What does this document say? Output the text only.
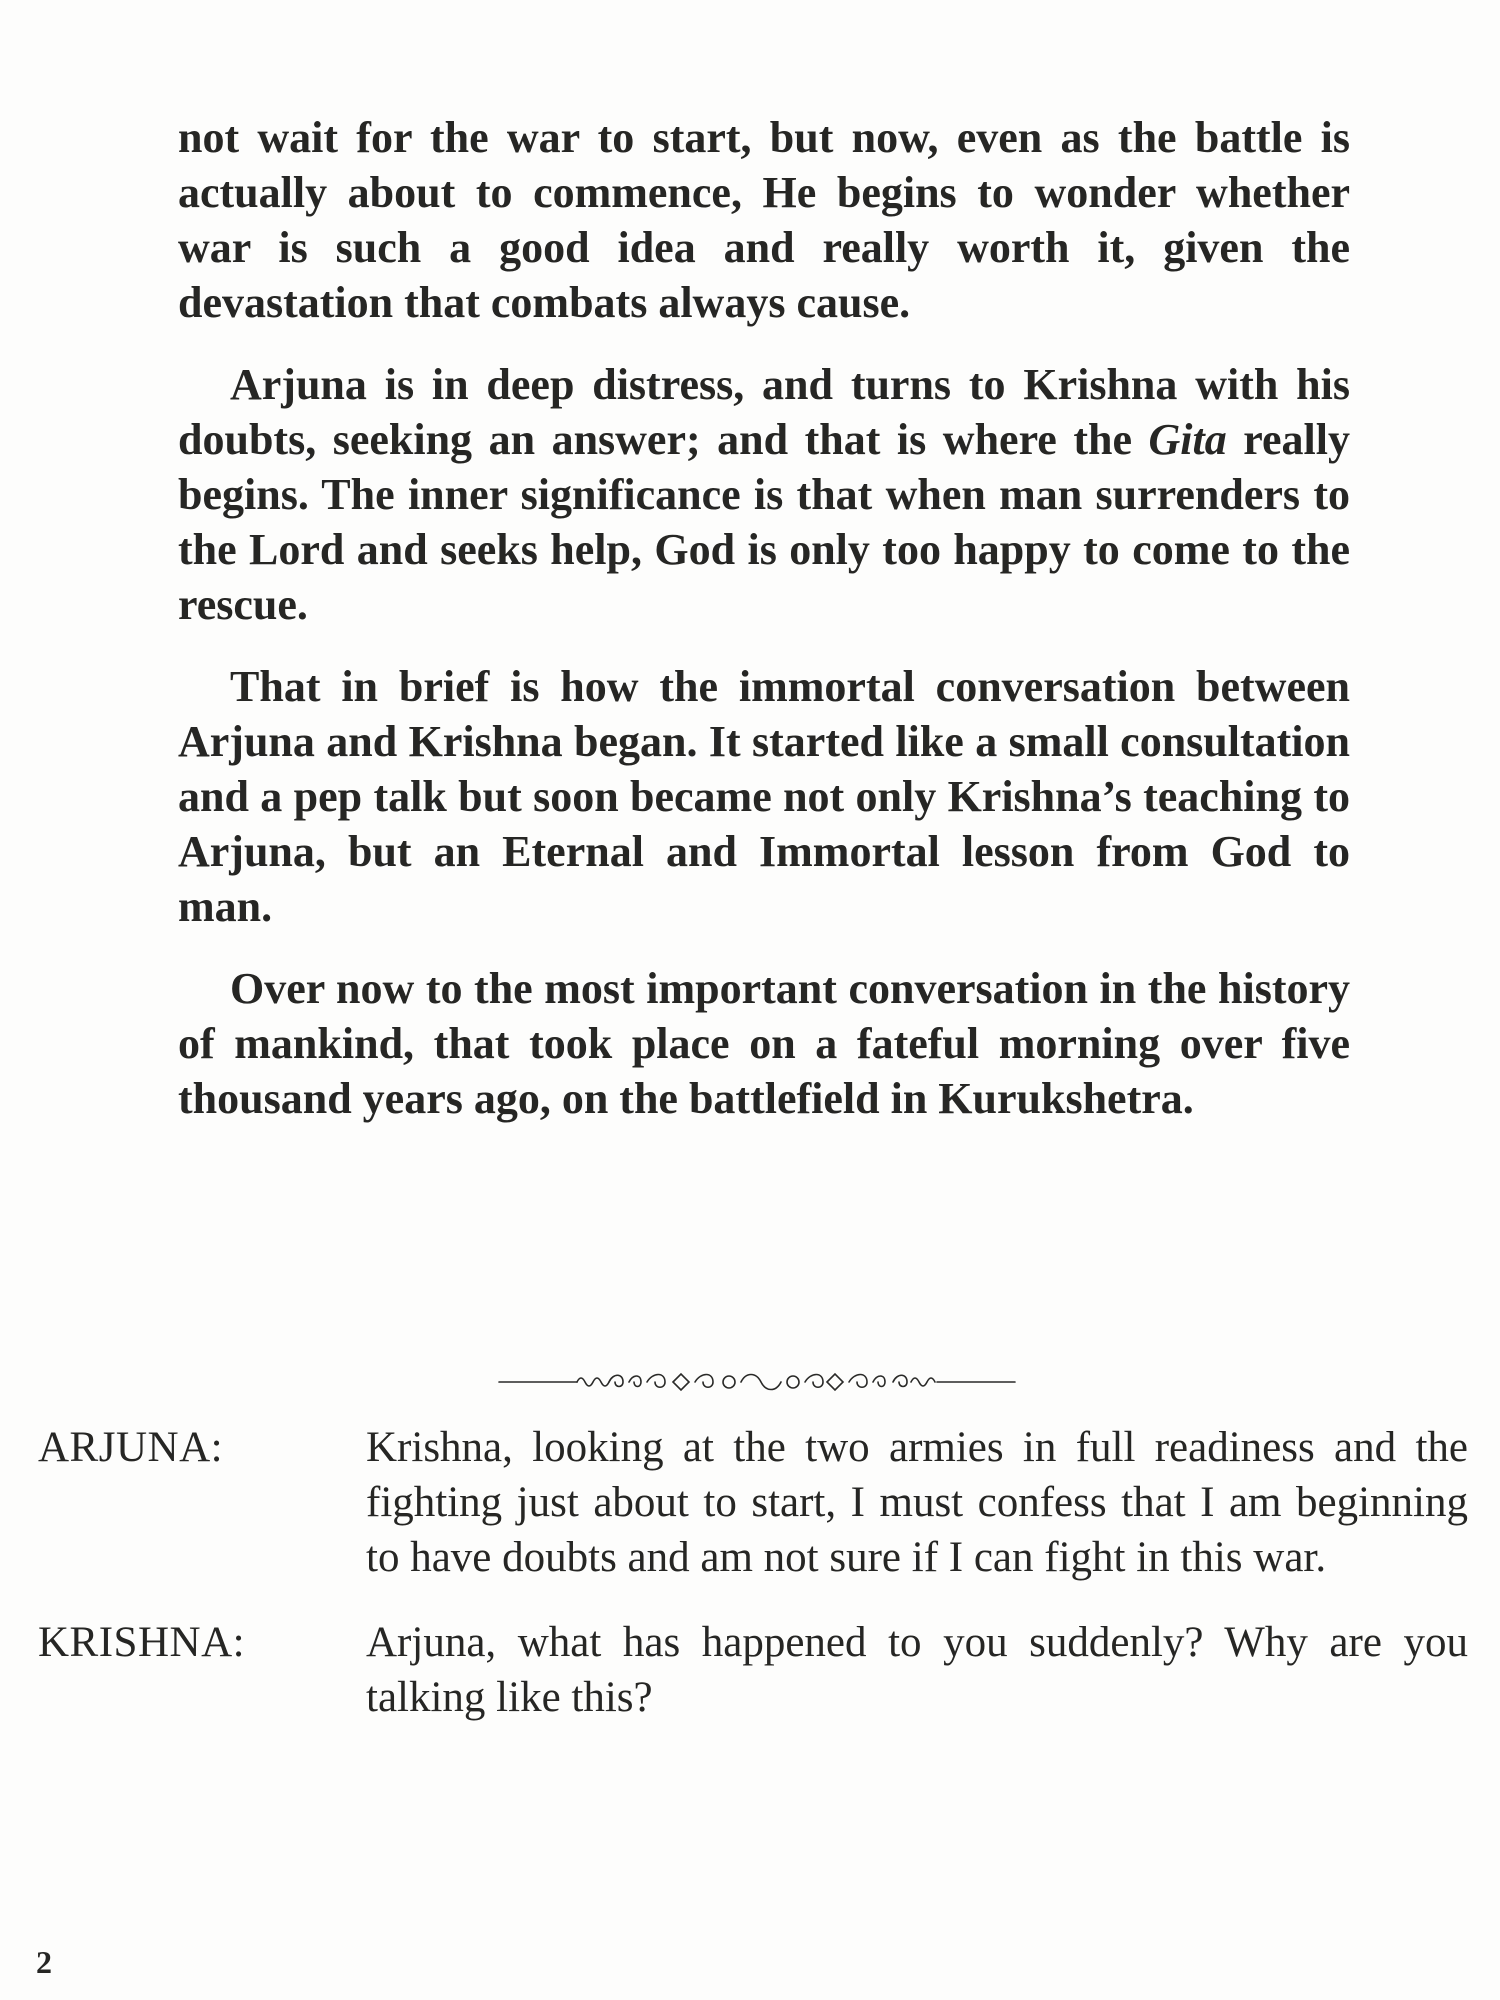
not wait for the war to start, but now, even as the battle is actually about to commence, He begins to wonder whether war is such a good idea and really worth it, given the devastation that combats always cause.

Arjuna is in deep distress, and turns to Krishna with his doubts, seeking an answer; and that is where the Gita really begins. The inner significance is that when man surrenders to the Lord and seeks help, God is only too happy to come to the rescue.

That in brief is how the immortal conversation between Arjuna and Krishna began. It started like a small consultation and a pep talk but soon became not only Krishna’s teaching to Arjuna, but an Eternal and Immortal lesson from God to man.

Over now to the most important conversation in the history of mankind, that took place on a fateful morning over five thousand years ago, on the battlefield in Kurukshetra.

ARJUNA:	Krishna, looking at the two armies in full readiness and the fighting just about to start, I must confess that I am beginning to have doubts and am not sure if I can fight in this war.
KRISHNA:	Arjuna, what has happened to you suddenly? Why are you talking like this?
2
